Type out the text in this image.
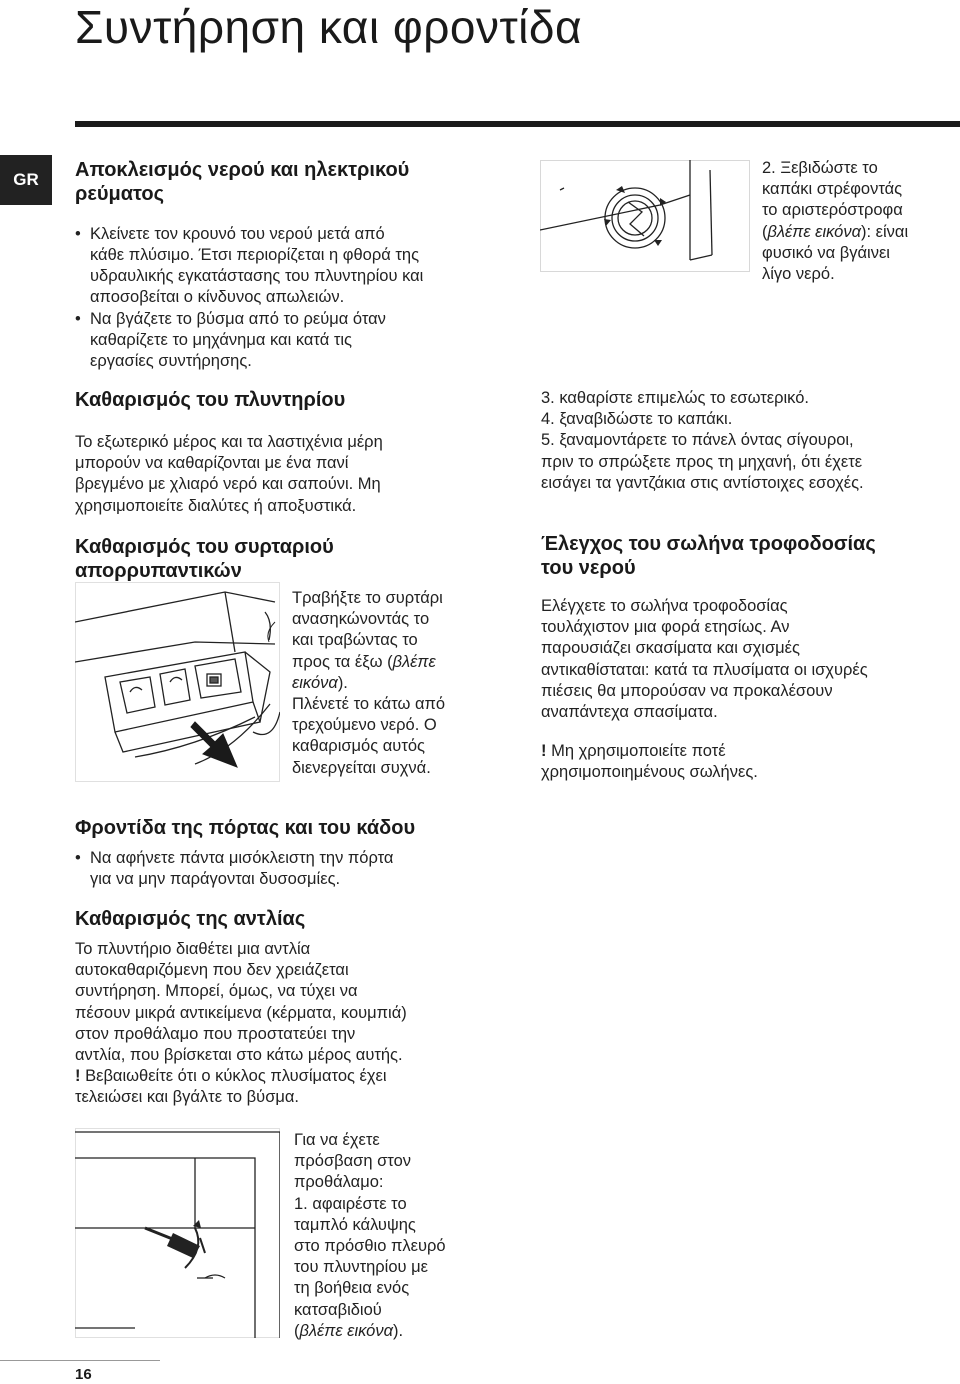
Συντήρηση και φροντίδα
GR	Αποκλεισμός νερού και ηλεκτρικού
ρεύματος
• Κλείνετε τον κρουνό του νερού μετά από
κάθε πλύσιμο. Έτσι περιορίζεται η φθορά της
υδραυλικής εγκατάστασης του πλυντηρίου και
αποσοβείται ο κίνδυνος απωλειών.
• Να βγάζετε το βύσμα από το ρεύμα όταν
καθαρίζετε το μηχάνημα και κατά τις
εργασίες συντήρησης.
Καθαρισμός του πλυντηρίου
Το εξωτερικό μέρος και τα λαστιχένια μέρη
μπορούν να καθαρίζονται με ένα πανί
βρεγμένο με χλιαρό νερό και σαπούνι. Μη
χρησιμοποιείτε διαλύτες ή αποξυστικά.
Καθαρισμός του συρταριού
απορρυπαντικών
Τραβήξτε το συρτάρι
ανασηκώνοντάς το
και τραβώντας το
προς τα έξω (βλέπε
εικόνα).
Πλένετέ το κάτω από
τρεχούμενο νερό. Ο
καθαρισμός αυτός
διενεργείται συχνά.
Φροντίδα της πόρτας και του κάδου
• Να αφήνετε πάντα μισόκλειστη την πόρτα
για να μην παράγονται δυσοσμίες.
Καθαρισμός της αντλίας
Το πλυντήριο διαθέτει μια αντλία
αυτοκαθαριζόμενη που δεν χρειάζεται
συντήρηση. Μπορεί, όμως, να τύχει να
πέσουν μικρά αντικείμενα (κέρματα, κουμπιά)
στον προθάλαμο που προστατεύει την
αντλία, που βρίσκεται στο κάτω μέρος αυτής.
! Βεβαιωθείτε ότι ο κύκλος πλυσίματος έχει
τελειώσει και βγάλτε το βύσμα.
Για να έχετε
πρόσβαση στον
προθάλαμο:
1. αφαιρέστε το
ταμπλό κάλυψης
στο πρόσθιο πλευρό
του πλυντηρίου με
τη βοήθεια ενός
κατσαβιδιού
(βλέπε εικόνα).
2. Ξεβιδώστε το
καπάκι στρέφοντάς
το αριστερόστροφα
(βλέπε εικόνα): είναι
φυσικό να βγάινει
λίγο νερό.
3. καθαρίστε επιμελώς το εσωτερικό.
4. ξαναβιδώστε το καπάκι.
5. ξαναμοντάρετε το πάνελ όντας σίγουροι,
πριν το σπρώξετε προς τη μηχανή, ότι έχετε
εισάγει τα γαντζάκια στις αντίστοιχες εσοχές.
Έλεγχος του σωλήνα τροφοδοσίας
του νερού
Ελέγχετε το σωλήνα τροφοδοσίας
τουλάχιστον μια φορά ετησίως. Αν
παρουσιάζει σκασίματα και σχισμές
αντικαθίσταται: κατά τα πλυσίματα οι ισχυρές
πιέσεις θα μπορούσαν να προκαλέσουν
αναπάντεχα σπασίματα.
! Μη χρησιμοποιείτε ποτέ
χρησιμοποιημένους σωλήνες.
16
